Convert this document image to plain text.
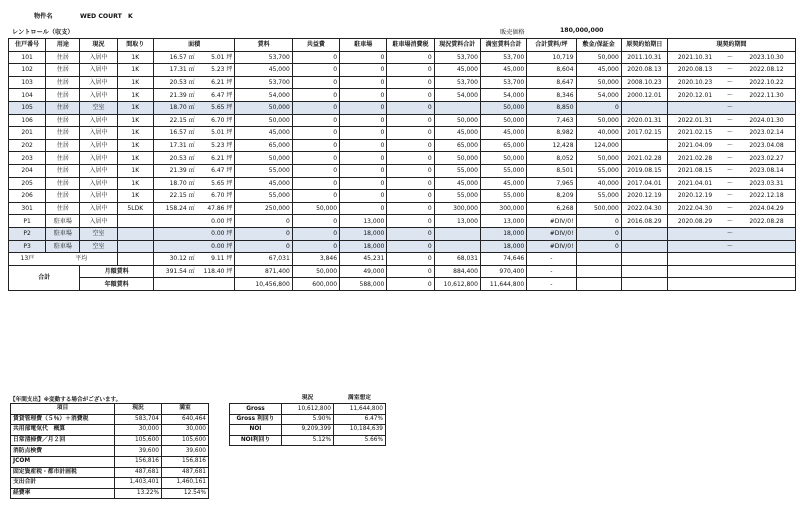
物件名	WED COURT　K
レントロール（収支）	販売価格	180,000,000
住戸番号	用途	現況	間取り	面積		賃料	共益費	駐車場	駐車場消費税	現況賃料合計	満室賃料合計	合計賃料/坪	敷金/保証金	原契約始期日	現契約期間		
101	住居	入居中	1K	16.57 ㎡	5.01 坪	53,700	0	0	0	53,700	53,700	10,719	50,000	2011.10.31	2021.10.31	～	2023.10.30
102	住居	入居中	1K	17.31 ㎡	5.23 坪	45,000	0	0	0	45,000	45,000	8,604	45,000	2020.08.13	2020.08.13	～	2022.08.12
103	住居	入居中	1K	20.53 ㎡	6.21 坪	53,700	0	0	0	53,700	53,700	8,647	50,000	2008.10.23	2020.10.23	～	2022.10.22
104	住居	入居中	1K	21.39 ㎡	6.47 坪	54,000	0	0	0	54,000	54,000	8,346	54,000	2000.12.01	2020.12.01	～	2022.11.30
105	住居	空室	1K	18.70 ㎡	5.65 坪	50,000	0	0	0		50,000	8,850	0			～	
106	住居	入居中	1K	22.15 ㎡	6.70 坪	50,000	0	0	0	50,000	50,000	7,463	50,000	2020.01.31	2022.01.31	～	2024.01.30
201	住居	入居中	1K	16.57 ㎡	5.01 坪	45,000	0	0	0	45,000	45,000	8,982	40,000	2017.02.15	2021.02.15	～	2023.02.14
202	住居	入居中	1K	17.31 ㎡	5.23 坪	65,000	0	0	0	65,000	65,000	12,428	124,000		2021.04.09	～	2023.04.08
203	住居	入居中	1K	20.53 ㎡	6.21 坪	50,000	0	0	0	50,000	50,000	8,052	50,000	2021.02.28	2021.02.28	～	2023.02.27
204	住居	入居中	1K	21.39 ㎡	6.47 坪	55,000	0	0	0	55,000	55,000	8,501	55,000	2019.08.15	2021.08.15	～	2023.08.14
205	住居	入居中	1K	18.70 ㎡	5.65 坪	45,000	0	0	0	45,000	45,000	7,965	40,000	2017.04.01	2021.04.01	～	2023.03.31
206	住居	入居中	1K	22.15 ㎡	6.70 坪	55,000	0	0	0	55,000	55,000	8,209	55,000	2020.12.19	2020.12.19	～	2022.12.18
301	住居	入居中	5LDK	158.24 ㎡	47.86 坪	250,000	50,000	0	0	300,000	300,000	6,268	500,000	2022.04.30	2022.04.30	～	2024.04.29
P1	駐車場	入居中			0.00 坪	0	0	13,000	0	13,000	13,000	#DIV/0!	0	2016.08.29	2020.08.29	～	2022.08.28
P2	駐車場	空室			0.00 坪	0	0	18,000	0		18,000	#DIV/0!	0			～	
P3	駐車場	空室			0.00 坪	0	0	18,000	0		18,000	#DIV/0!	0			～	
13戸	平均			30.12 ㎡	9.11 坪	67,031	3,846	45,231	0	68,031	74,646	-					
合計		月額賃料		391.54 ㎡	118.40 坪	871,400	50,000	49,000	0	884,400	970,400	-					
		年額賃料				10,456,800	600,000	588,000	0	10,612,800	11,644,800	-					
【年間支出】※変動する場合がございます。
項目	現況	満室
賃貸管理費（５％）＋消費税	583,704	640,464
共用部電気代　概算	30,000	30,000
日常清掃費／月２回	105,600	105,600
消防点検費	39,600	39,600
JCOM	156,816	156,816
固定資産税・都市計画税	487,681	487,681
支出合計	1,403,401	1,460,161
経費率	13.22%	12.54%
	現況	満室想定
Gross	10,612,800	11,644,800
Gross 利回り	5.90%	6.47%
NOI	9,209,399	10,184,639
NOI利回り	5.12%	5.66%
